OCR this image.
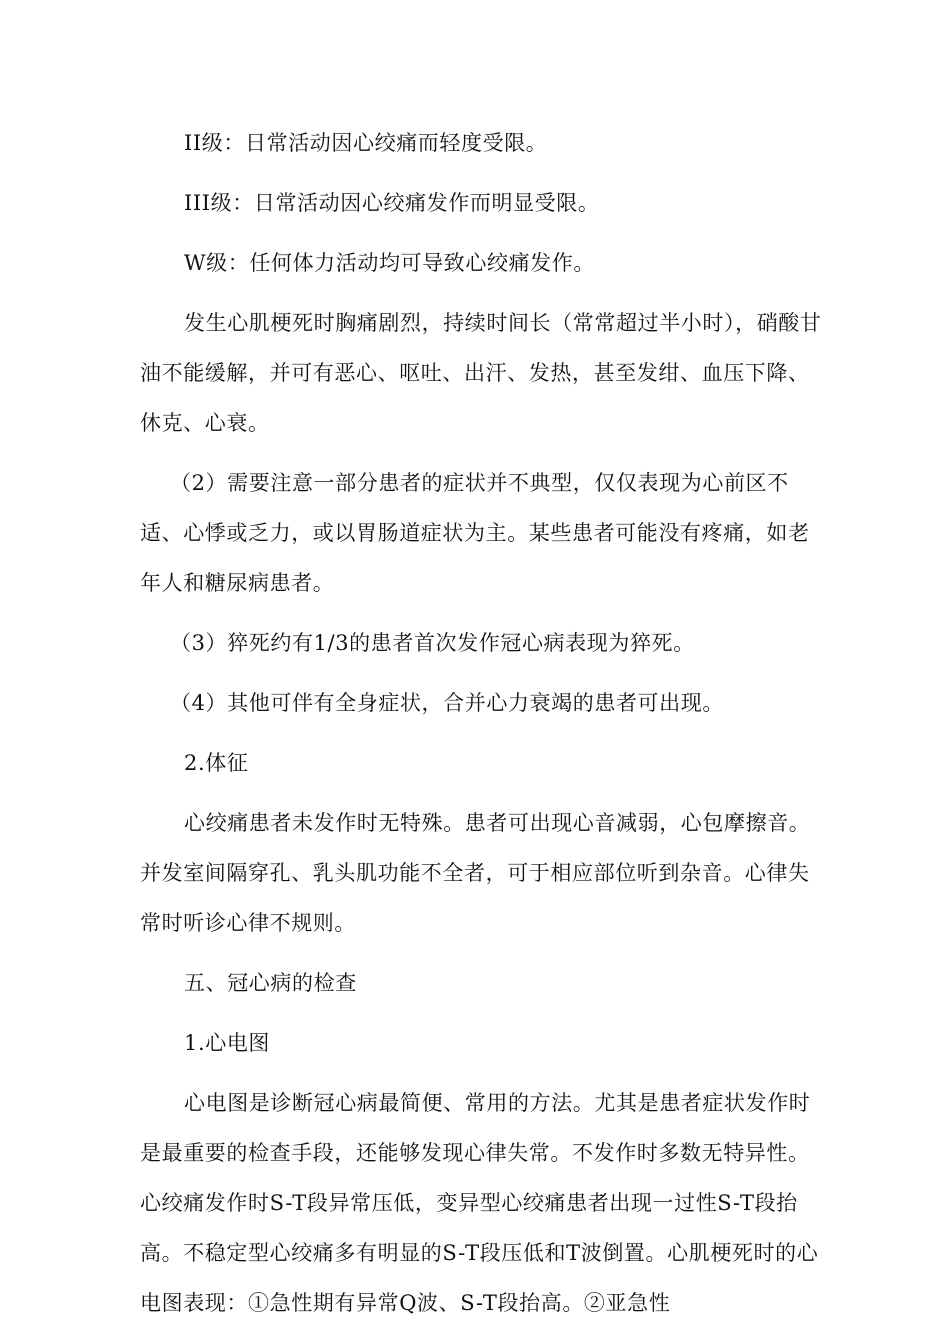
II级：日常活动因心绞痛而轻度受限。

III级：日常活动因心绞痛发作而明显受限。

W级：任何体力活动均可导致心绞痛发作。

发生心肌梗死时胸痛剧烈，持续时间长（常常超过半小时），硝酸甘油不能缓解，并可有恶心、呕吐、出汗、发热，甚至发绀、血压下降、休克、心衰。

（2）需要注意一部分患者的症状并不典型，仅仅表现为心前区不适、心悸或乏力，或以胃肠道症状为主。某些患者可能没有疼痛，如老年人和糖尿病患者。

（3）猝死约有1/3的患者首次发作冠心病表现为猝死。

（4）其他可伴有全身症状，合并心力衰竭的患者可出现。

2.体征

心绞痛患者未发作时无特殊。患者可出现心音减弱，心包摩擦音。并发室间隔穿孔、乳头肌功能不全者，可于相应部位听到杂音。心律失常时听诊心律不规则。

五、冠心病的检查

1.心电图

心电图是诊断冠心病最简便、常用的方法。尤其是患者症状发作时是最重要的检查手段，还能够发现心律失常。不发作时多数无特异性。心绞痛发作时S-T段异常压低，变异型心绞痛患者出现一过性S-T段抬高。不稳定型心绞痛多有明显的S-T段压低和T波倒置。心肌梗死时的心电图表现：①急性期有异常Q波、S-T段抬高。②亚急性
